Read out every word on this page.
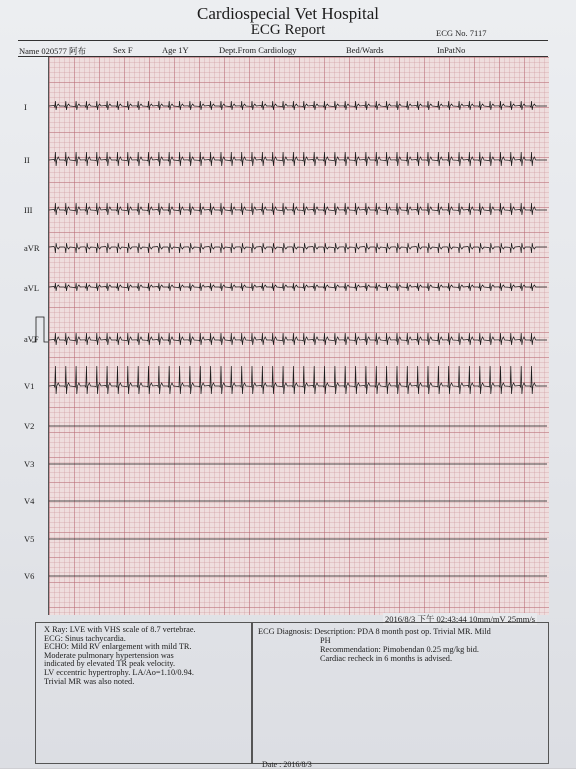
Cardiospecial Vet Hospital
ECG Report	ECG No. 7117
Name 020577 阿布	Sex F	Age 1Y	Dept.From Cardiology	Bed/Wards	InPatNo
I
II
III
aVR
aVL
aVF
V1
V2
V3
V4
V5
V6
2016/8/3 下午 02:43:44 10mm/mV 25mm/s
X Ray: LVE with VHS scale of 8.7 vertebrae.
ECG: Sinus tachycardia.
ECHO: Mild RV enlargement with mild TR.
Moderate pulmonary hypertension was
indicated by elevated TR peak velocity.
LV eccentric hypertrophy. LA/Ao=1.10/0.94.
Trivial MR was also noted.
ECG Diagnosis: Description: PDA 8 month post op. Trivial MR. Mild
PH
Recommendation: Pimobendan 0.25 mg/kg bid.
Cardiac recheck in 6 months is advised.
Date : 2016/8/3
